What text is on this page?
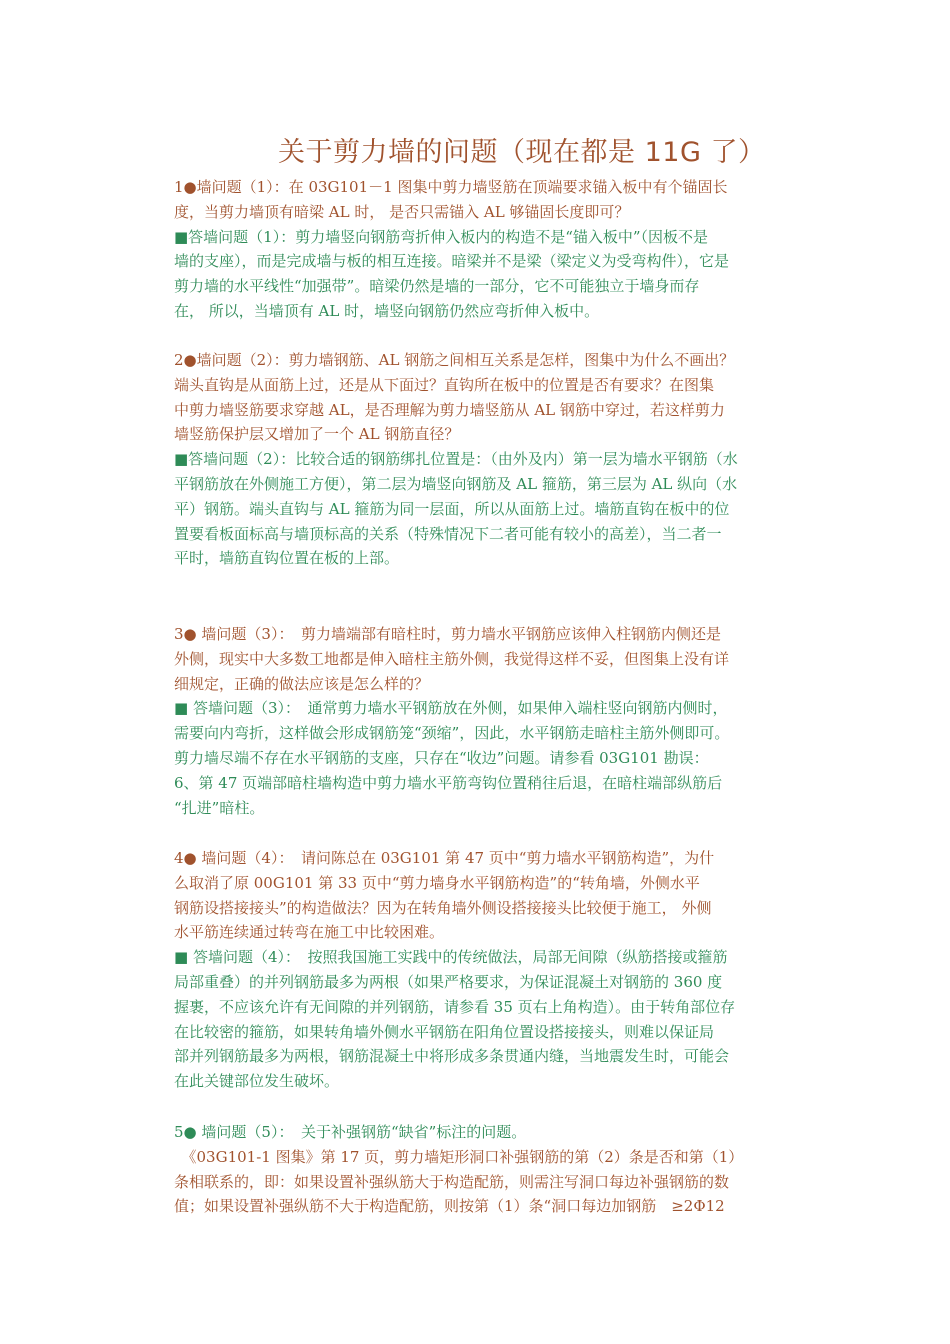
关于剪力墙的问题（现在都是 11G 了）
1●墙问题（1）：在 03G101－1 图集中剪力墙竖筋在顶端要求锚入板中有个锚固长
度，当剪力墙顶有暗梁 AL 时， 是否只需锚入 AL 够锚固长度即可？
■答墙问题（1）：剪力墙竖向钢筋弯折伸入板内的构造不是“锚入板中”（因板不是
墙的支座），而是完成墙与板的相互连接。暗梁并不是梁（梁定义为受弯构件），它是
剪力墙的水平线性“加强带”。暗梁仍然是墙的一部分，它不可能独立于墙身而存
在， 所以，当墙顶有 AL 时，墙竖向钢筋仍然应弯折伸入板中。
2●墙问题（2）：剪力墙钢筋、AL 钢筋之间相互关系是怎样，图集中为什么不画出？
端头直钩是从面筋上过，还是从下面过？直钩所在板中的位置是否有要求？在图集
中剪力墙竖筋要求穿越 AL，是否理解为剪力墙竖筋从 AL 钢筋中穿过，若这样剪力
墙竖筋保护层又增加了一个 AL 钢筋直径？
■答墙问题（2）：比较合适的钢筋绑扎位置是：（由外及内）第一层为墙水平钢筋（水
平钢筋放在外侧施工方便），第二层为墙竖向钢筋及 AL 箍筋，第三层为 AL 纵向（水
平）钢筋。端头直钩与 AL 箍筋为同一层面，所以从面筋上过。墙筋直钩在板中的位
置要看板面标高与墙顶标高的关系（特殊情况下二者可能有较小的高差），当二者一
平时，墙筋直钩位置在板的上部。
3● 墙问题（3）：　剪力墙端部有暗柱时，剪力墙水平钢筋应该伸入柱钢筋内侧还是
外侧，现实中大多数工地都是伸入暗柱主筋外侧，我觉得这样不妥，但图集上没有详
细规定，正确的做法应该是怎么样的？
■ 答墙问题（3）：　通常剪力墙水平钢筋放在外侧，如果伸入端柱竖向钢筋内侧时，
需要向内弯折，这样做会形成钢筋笼“颈缩”，因此，水平钢筋走暗柱主筋外侧即可。
剪力墙尽端不存在水平钢筋的支座，只存在“收边”问题。请参看 03G101 勘误：
6、第 47 页端部暗柱墙构造中剪力墙水平筋弯钩位置稍往后退，在暗柱端部纵筋后
“扎进”暗柱。
4● 墙问题（4）：　请问陈总在 03G101 第 47 页中“剪力墙水平钢筋构造”，为什
么取消了原 00G101 第 33 页中“剪力墙身水平钢筋构造”的“转角墙，外侧水平
钢筋设搭接接头”的构造做法？因为在转角墙外侧设搭接接头比较便于施工， 外侧
水平筋连续通过转弯在施工中比较困难。
■ 答墙问题（4）：　按照我国施工实践中的传统做法，局部无间隙（纵筋搭接或箍筋
局部重叠）的并列钢筋最多为两根（如果严格要求，为保证混凝土对钢筋的 360 度
握裹，不应该允许有无间隙的并列钢筋，请参看 35 页右上角构造）。由于转角部位存
在比较密的箍筋，如果转角墙外侧水平钢筋在阳角位置设搭接接头，则难以保证局
部并列钢筋最多为两根，钢筋混凝土中将形成多条贯通内缝，当地震发生时，可能会
在此关键部位发生破坏。
5● 墙问题（5）：　关于补强钢筋“缺省”标注的问题。
　《03G101-1 图集》第 17 页，剪力墙矩形洞口补强钢筋的第（2）条是否和第（1）
条相联系的，即：如果设置补强纵筋大于构造配筋，则需注写洞口每边补强钢筋的数
值；如果设置补强纵筋不大于构造配筋，则按第（1）条“洞口每边加钢筋　≥2Φ12
